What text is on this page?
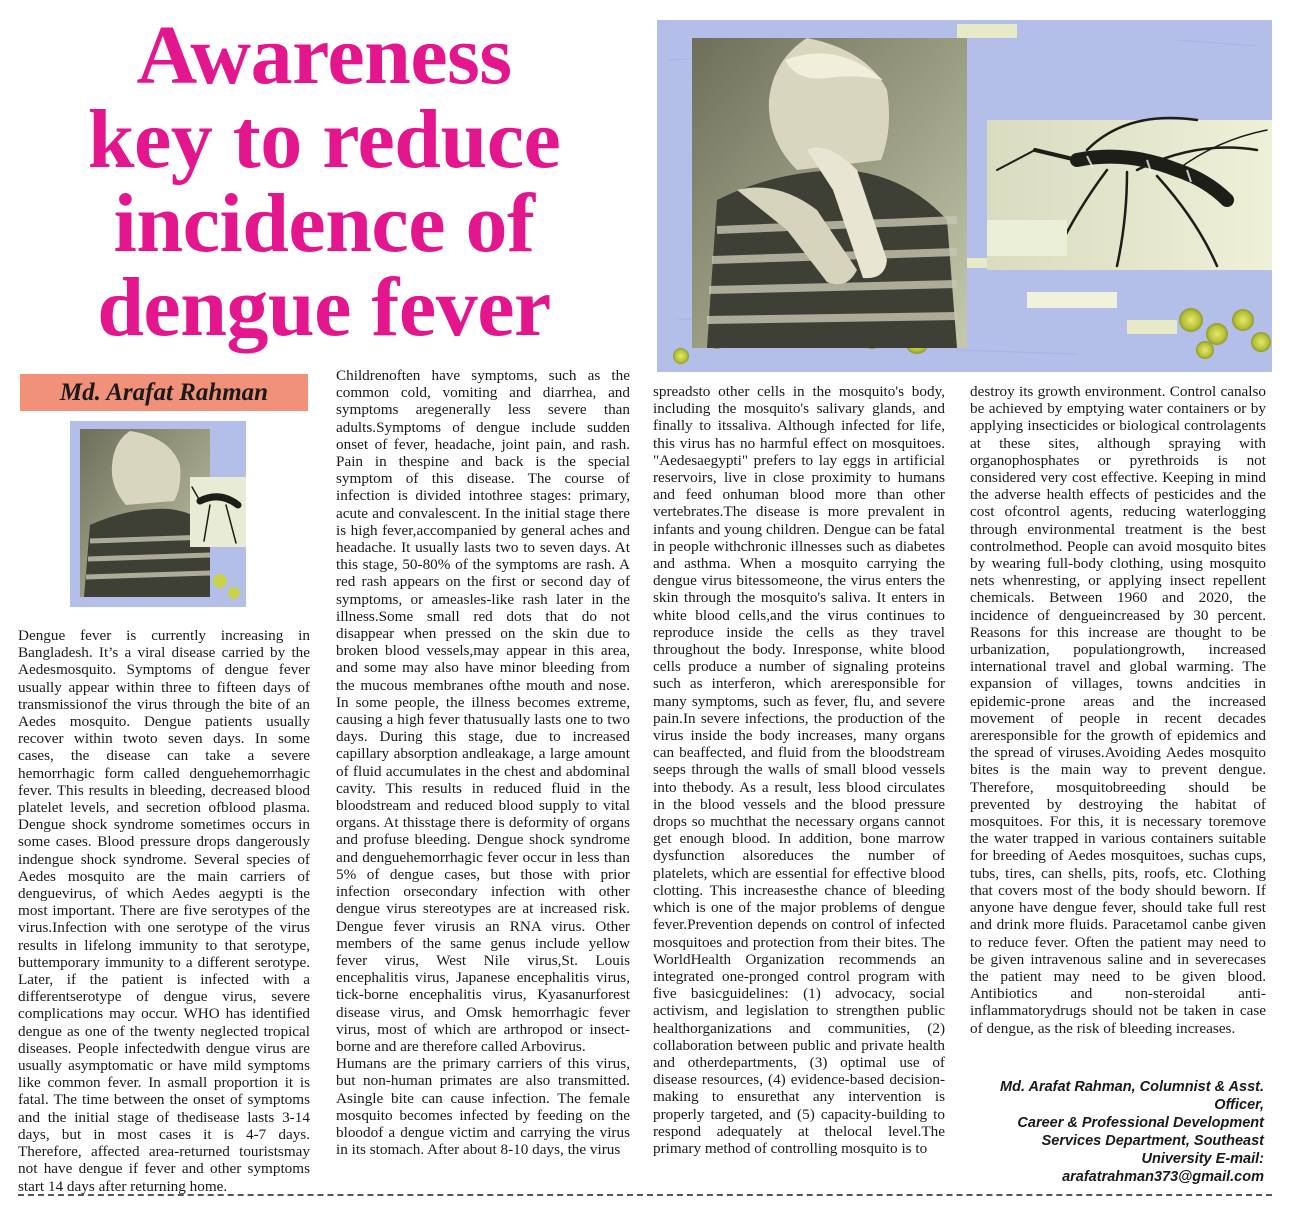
Awareness
key to reduce
incidence of
dengue fever
Md. Arafat Rahman

Dengue fever is currently increasing in Bangladesh. It’s a viral disease carried by the Aedesmosquito. Symptoms of dengue fever usually appear within three to fifteen days of transmissionof the virus through the bite of an Aedes mosquito. Dengue patients usually recover within twoto seven days. In some cases, the disease can take a severe hemorrhagic form called denguehemorrhagic fever. This results in bleeding, decreased blood platelet levels, and secretion ofblood plasma. Dengue shock syndrome sometimes occurs in some cases. Blood pressure drops dangerously indengue shock syndrome. Several species of Aedes mosquito are the main carriers of denguevirus, of which Aedes aegypti is the most important. There are five serotypes of the virus.Infection with one serotype of the virus results in lifelong immunity to that serotype, buttemporary immunity to a different serotype. Later, if the patient is infected with a differentserotype of dengue virus, severe complications may occur. WHO has identified dengue as one of the twenty neglected tropical diseases. People infectedwith dengue virus are usually asymptomatic or have mild symptoms like common fever. In asmall proportion it is fatal. The time between the onset of symptoms and the initial stage of thedisease lasts 3-14 days, but in most cases it is 4-7 days. Therefore, affected area-returned touristsmay not have dengue if fever and other symptoms start 14 days after returning home.

Childrenoften have symptoms, such as the common cold, vomiting and diarrhea, and symptoms aregenerally less severe than adults.Symptoms of dengue include sudden onset of fever, headache, joint pain, and rash. Pain in thespine and back is the special symptom of this disease. The course of infection is divided intothree stages: primary, acute and convalescent. In the initial stage there is high fever,accompanied by general aches and headache. It usually lasts two to seven days. At this stage, 50-80% of the symptoms are rash. A red rash appears on the first or second day of symptoms, or ameasles-like rash later in the illness.Some small red dots that do not disappear when pressed on the skin due to broken blood vessels,may appear in this area, and some may also have minor bleeding from the mucous membranes ofthe mouth and nose. In some people, the illness becomes extreme, causing a high fever thatusually lasts one to two days. During this stage, due to increased capillary absorption andleakage, a large amount of fluid accumulates in the chest and abdominal cavity. This results in reduced fluid in the bloodstream and reduced blood supply to vital organs. At thisstage there is deformity of organs and profuse bleeding. Dengue shock syndrome and denguehemorrhagic fever occur in less than 5% of dengue cases, but those with prior infection orsecondary infection with other dengue virus stereotypes are at increased risk. Dengue fever virusis an RNA virus. Other members of the same genus include yellow fever virus, West Nile virus,St. Louis encephalitis virus, Japanese encephalitis virus, tick-borne encephalitis virus, Kyasanurforest disease virus, and Omsk hemorrhagic fever virus, most of which are arthropod or insect-borne and are therefore called Arbovirus.

Humans are the primary carriers of this virus, but non-human primates are also transmitted. Asingle bite can cause infection. The female mosquito becomes infected by feeding on the bloodof a dengue victim and carrying the virus in its stomach. After about 8-10 days, the virus

spreadsto other cells in the mosquito's body, including the mosquito's salivary glands, and finally to itssaliva. Although infected for life, this virus has no harmful effect on mosquitoes. "Aedesaegypti" prefers to lay eggs in artificial reservoirs, live in close proximity to humans and feed onhuman blood more than other vertebrates.The disease is more prevalent in infants and young children. Dengue can be fatal in people withchronic illnesses such as diabetes and asthma. When a mosquito carrying the dengue virus bitessomeone, the virus enters the skin through the mosquito's saliva. It enters in white blood cells,and the virus continues to reproduce inside the cells as they travel throughout the body. Inresponse, white blood cells produce a number of signaling proteins such as interferon, which areresponsible for many symptoms, such as fever, flu, and severe pain.In severe infections, the production of the virus inside the body increases, many organs can beaffected, and fluid from the bloodstream seeps through the walls of small blood vessels into thebody. As a result, less blood circulates in the blood vessels and the blood pressure drops so muchthat the necessary organs cannot get enough blood. In addition, bone marrow dysfunction alsoreduces the number of platelets, which are essential for effective blood clotting. This increasesthe chance of bleeding which is one of the major problems of dengue fever.Prevention depends on control of infected mosquitoes and protection from their bites. The WorldHealth Organization recommends an integrated one-pronged control program with five basicguidelines: (1) advocacy, social activism, and legislation to strengthen public healthorganizations and communities, (2) collaboration between public and private health and otherdepartments, (3) optimal use of disease resources, (4) evidence-based decision-making to ensurethat any intervention is properly targeted, and (5) capacity-building to respond adequately at thelocal level.The primary method of controlling mosquito is to

destroy its growth environment. Control canalso be achieved by emptying water containers or by applying insecticides or biological controlagents at these sites, although spraying with organophosphates or pyrethroids is not considered very cost effective. Keeping in mind the adverse health effects of pesticides and the cost ofcontrol agents, reducing waterlogging through environmental treatment is the best controlmethod. People can avoid mosquito bites by wearing full-body clothing, using mosquito nets whenresting, or applying insect repellent chemicals. Between 1960 and 2020, the incidence of dengueincreased by 30 percent. Reasons for this increase are thought to be urbanization, populationgrowth, increased international travel and global warming. The expansion of villages, towns andcities in epidemic-prone areas and the increased movement of people in recent decades areresponsible for the growth of epidemics and the spread of viruses.Avoiding Aedes mosquito bites is the main way to prevent dengue. Therefore, mosquitobreeding should be prevented by destroying the habitat of mosquitoes. For this, it is necessary toremove the water trapped in various containers suitable for breeding of Aedes mosquitoes, suchas cups, tubs, tires, can shells, pits, roofs, etc. Clothing that covers most of the body should beworn. If anyone have dengue fever, should take full rest and drink more fluids. Paracetamol canbe given to reduce fever. Often the patient may need to be given intravenous saline and in severecases the patient may need to be given blood. Antibiotics and non-steroidal anti-inflammatorydrugs should not be taken in case of dengue, as the risk of bleeding increases.

Md. Arafat Rahman, Columnist & Asst.
Officer,
Career & Professional Development
Services Department, Southeast
University E-mail:
arafatrahman373@gmail.com
